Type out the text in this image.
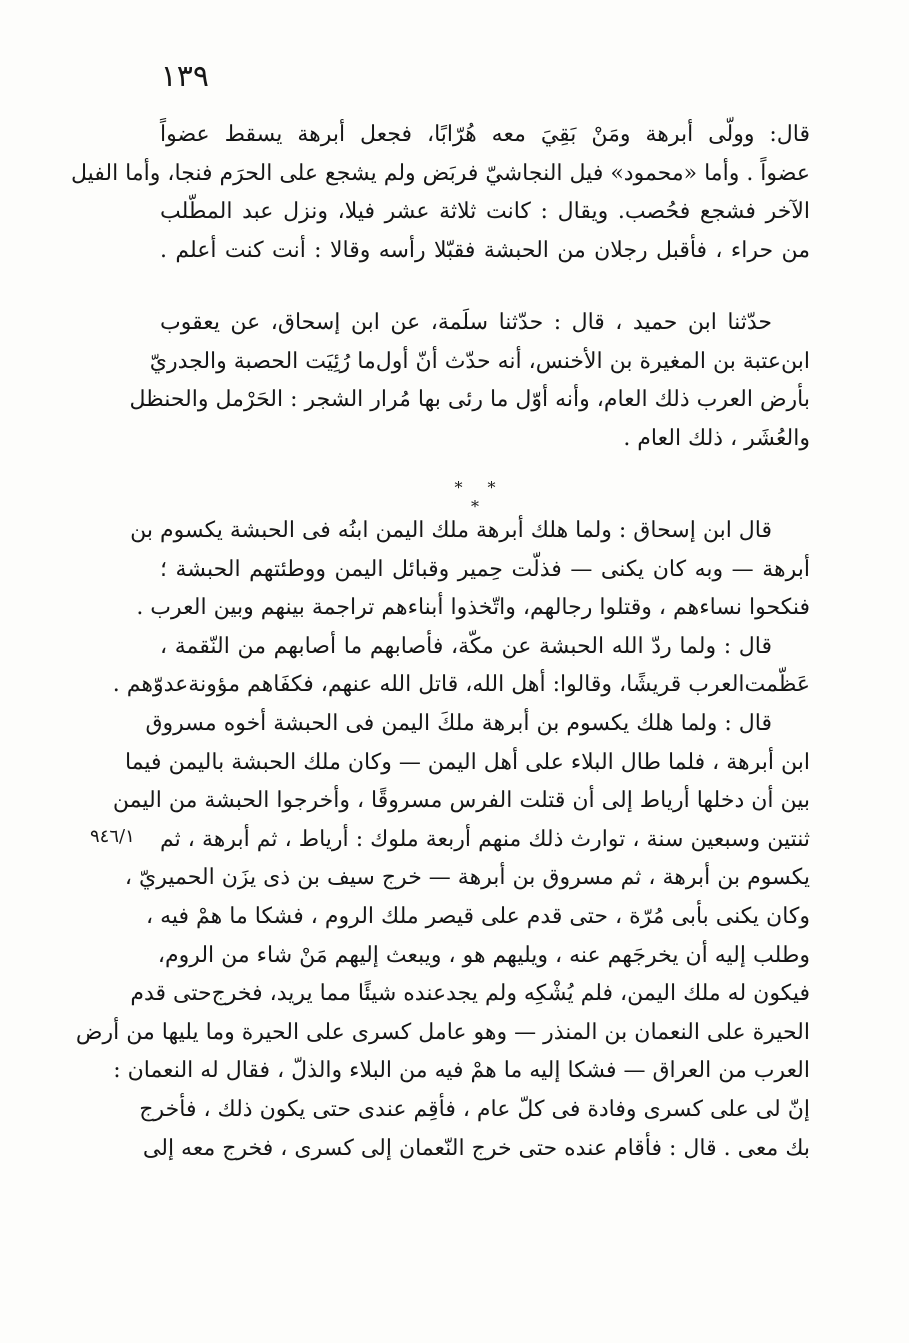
١٣٩
قال: وولّى أبرهة ومَنْ بَقِيَ معه هُرّابًا، فجعل أبرهة يسقط عضواً
عضواً . وأما «محمود» فيل النجاشيّ فربَض ولم يشجع على الحرَم فنجا، وأما الفيل
الآخر فشجع فحُصب. ويقال : كانت ثلاثة عشر فيلا، ونزل عبد المطّلب
من حراء ، فأقبل رجلان من الحبشة فقبّلا رأسه وقالا : أنت كنت أعلم .
حدّثنا ابن حميد ، قال : حدّثنا سلَمة، عن ابن إسحاق، عن يعقوب
ابن‌عتبة بن المغيرة بن الأخنس، أنه حدّث أنّ أول‌ما رُئِيَت الحصبة والجدريّ
بأرض العرب ذلك العام، وأنه أوّل ما رئى بها مُرار الشجر : الحَرْمل والحنظل
والعُشَر ، ذلك العام .
* * *
قال ابن إسحاق : ولما هلك أبرهة ملك اليمن ابنُه فى الحبشة يكسوم بن
أبرهة — وبه كان يكنى — فذلّت حِمير وقبائل اليمن ووطئتهم الحبشة ؛
فنكحوا نساءهم ، وقتلوا رجالهم، واتّخذوا أبناءهم تراجمة بينهم وبين العرب .
قال : ولما ردّ الله الحبشة عن مكّة، فأصابهم ما أصابهم من النّقمة ،
عَظّمت‌العرب قريشًا، وقالوا: أهل الله، قاتل الله عنهم، فكفَاهم مؤونة‌عدوّهم .
قال : ولما هلك يكسوم بن أبرهة ملكَ اليمن فى الحبشة أخوه مسروق
ابن أبرهة ، فلما طال البلاء على أهل اليمن — وكان ملك الحبشة باليمن فيما
بين أن دخلها أرياط إلى أن قتلت الفرس مسروقًا ، وأخرجوا الحبشة من اليمن
ثنتين وسبعين سنة ، توارث ذلك منهم أربعة ملوك : أرياط ، ثم أبرهة ، ثم
يكسوم بن أبرهة ، ثم مسروق بن أبرهة — خرج سيف بن ذى يزَن الحميريّ ،
وكان يكنى بأبى مُرّة ، حتى قدم على قيصر ملك الروم ، فشكا ما همْ فيه ،
وطلب إليه أن يخرجَهم عنه ، ويليهم هو ، ويبعث إليهم مَنْ شاء من الروم،
فيكون له ملك اليمن، فلم يُشْكِه ولم يجدعنده شيئًا مما يريد، فخرج‌حتى قدم
الحيرة على النعمان بن المنذر — وهو عامل كسرى على الحيرة وما يليها من أرض
العرب من العراق — فشكا إليه ما همْ فيه من البلاء والذلّ ، فقال له النعمان :
إنّ لى على كسرى وفادة فى كلّ عام ، فأقِم عندى حتى يكون ذلك ، فأخرج
بك معى . قال : فأقام عنده حتى خرج النّعمان إلى كسرى ، فخرج معه إلى
٩٤٦/١
